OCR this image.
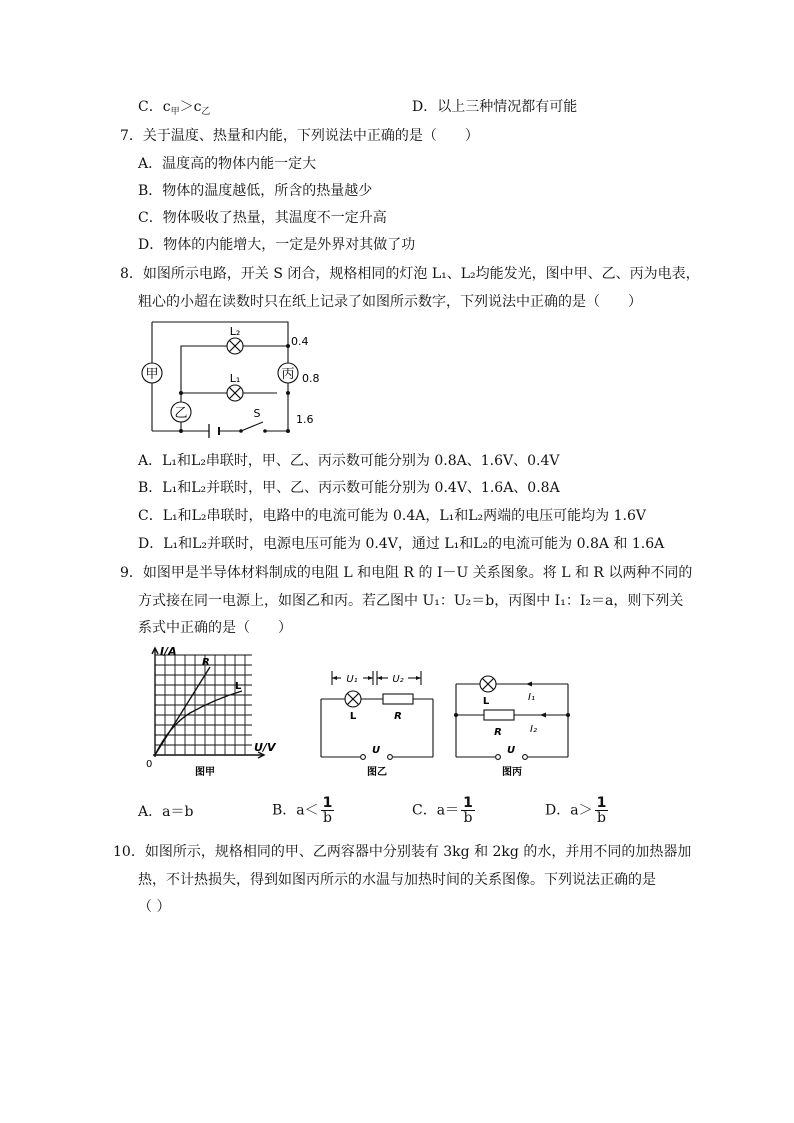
C．$c_甲>c_乙$	D．以上三种情况都有可能
7．关于温度、热量和内能，下列说法中正确的是（　　）
A．温度高的物体内能一定大
B．物体的温度越低，所含的热量越少
C．物体吸收了热量，其温度不一定升高
D．物体的内能增大，一定是外界对其做了功
8．如图所示电路，开关 S 闭合，规格相同的灯泡 L₁、L₂均能发光，图中甲、乙、丙为电表，
粗心的小超在读数时只在纸上记录了如图所示数字，下列说法中正确的是（　　）
甲	丙
乙
L₂
L₁
S
0.4
0.8
1.6
A．L₁和L₂串联时，甲、乙、丙示数可能分别为 0.8A、1.6V、0.4V
B．L₁和L₂并联时，甲、乙、丙示数可能分别为 0.4V、1.6A、0.8A
C．L₁和L₂串联时，电路中的电流可能为 0.4A，L₁和L₂两端的电压可能均为 1.6V
D．L₁和L₂并联时，电源电压可能为 0.4V，通过 L₁和L₂的电流可能为 0.8A 和 1.6A
9．如图甲是半导体材料制成的电阻 L 和电阻 R 的 I－U 关系图象。将 L 和 R 以两种不同的
方式接在同一电源上，如图乙和丙。若乙图中 U₁：U₂＝b，丙图中 I₁：I₂＝a，则下列关
系式中正确的是（　　）
I/A
U/V
0
R
L
图甲
U₁	U₂
L	R
U
图乙
I₁
I₂
L
R
U
图丙
A．a＝b	B．$a< \frac{1}{b}$	C．$a= \frac{1}{b}$	D．$a> \frac{1}{b}$
10．如图所示，规格相同的甲、乙两容器中分别装有 3kg 和 2kg 的水，并用不同的加热器加
热，不计热损失，得到如图丙所示的水温与加热时间的关系图像。下列说法正确的是
（ ）
